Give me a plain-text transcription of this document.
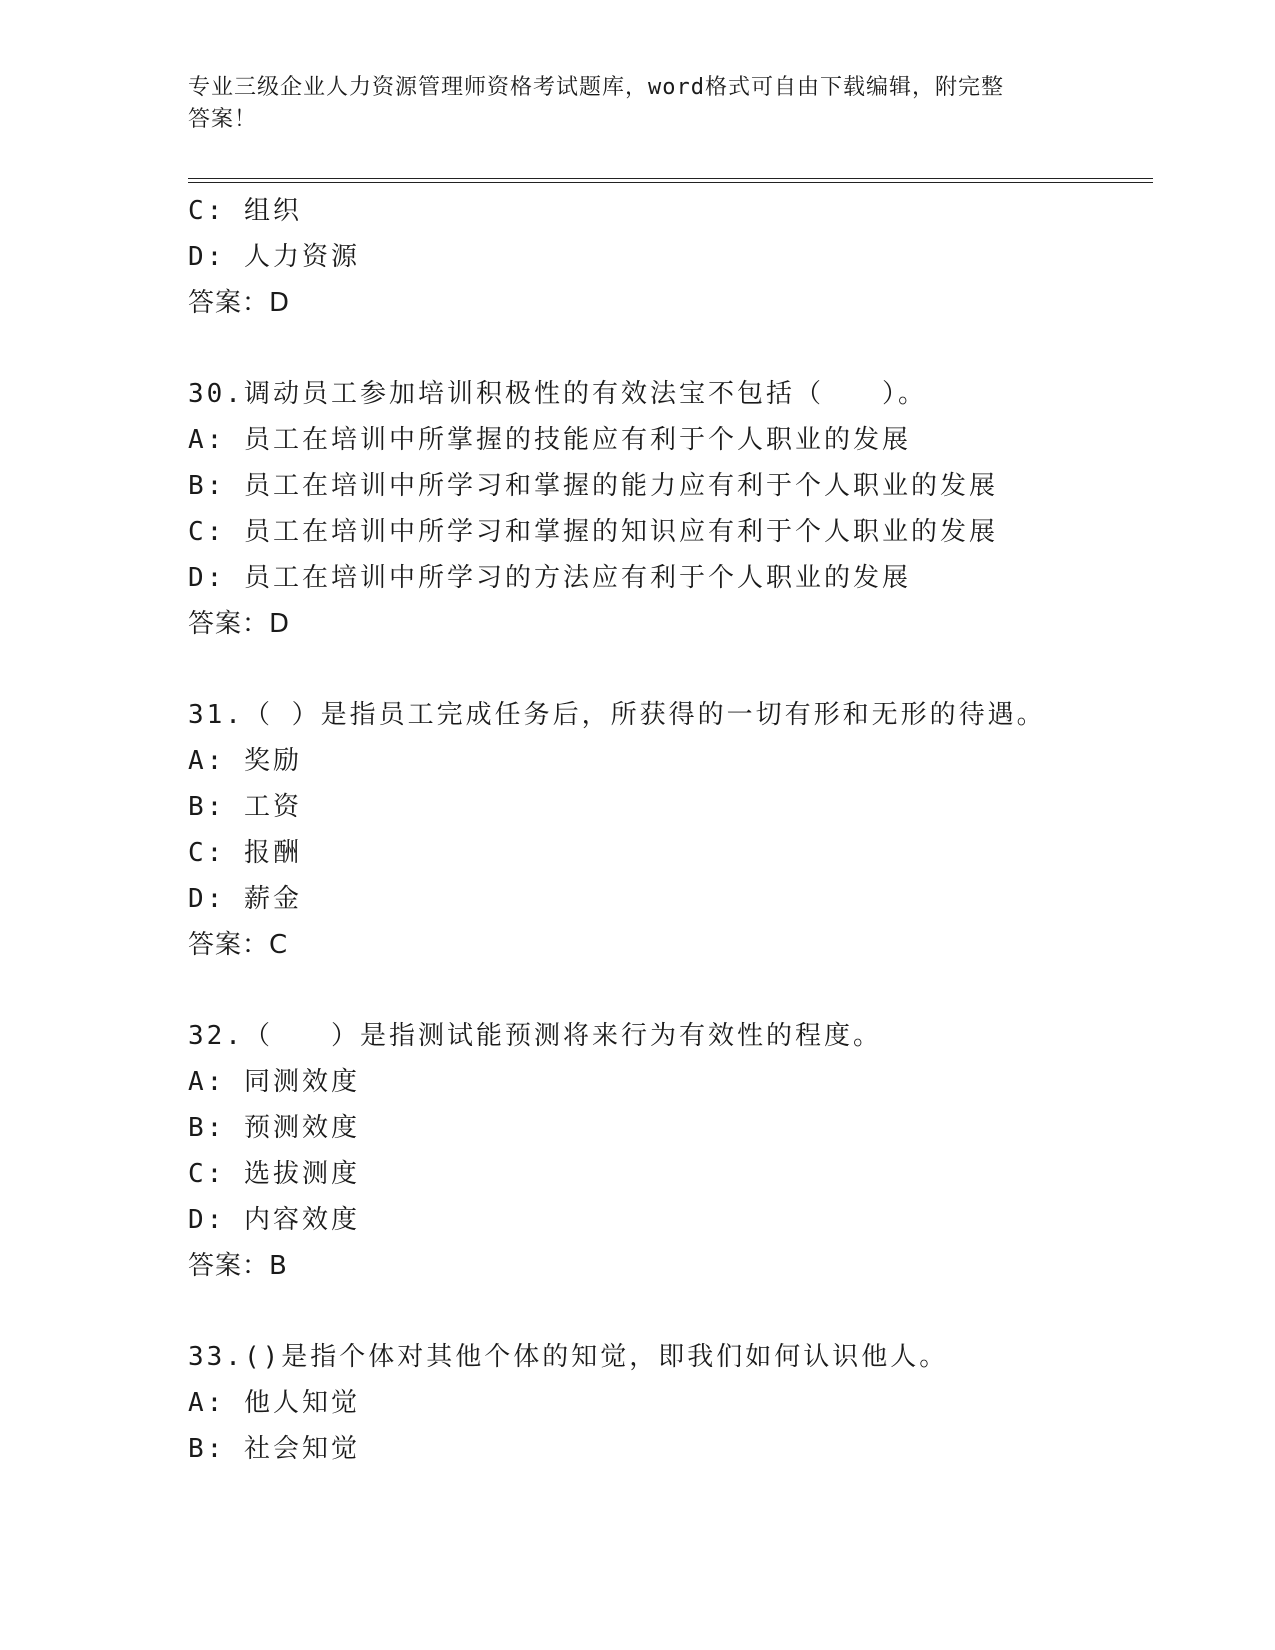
专业三级企业人力资源管理师资格考试题库，word格式可自由下载编辑，附完整
答案！
C: 组织
D: 人力资源
答案：D
30.调动员工参加培训积极性的有效法宝不包括（　　）。
A: 员工在培训中所掌握的技能应有利于个人职业的发展
B: 员工在培训中所学习和掌握的能力应有利于个人职业的发展
C: 员工在培训中所学习和掌握的知识应有利于个人职业的发展
D: 员工在培训中所学习的方法应有利于个人职业的发展
答案：D
31.（ ）是指员工完成任务后，所获得的一切有形和无形的待遇。
A: 奖励
B: 工资
C: 报酬
D: 薪金
答案：C
32.（　　）是指测试能预测将来行为有效性的程度。
A: 同测效度
B: 预测效度
C: 选拔测度
D: 内容效度
答案：B
33.()是指个体对其他个体的知觉，即我们如何认识他人。
A: 他人知觉
B: 社会知觉
